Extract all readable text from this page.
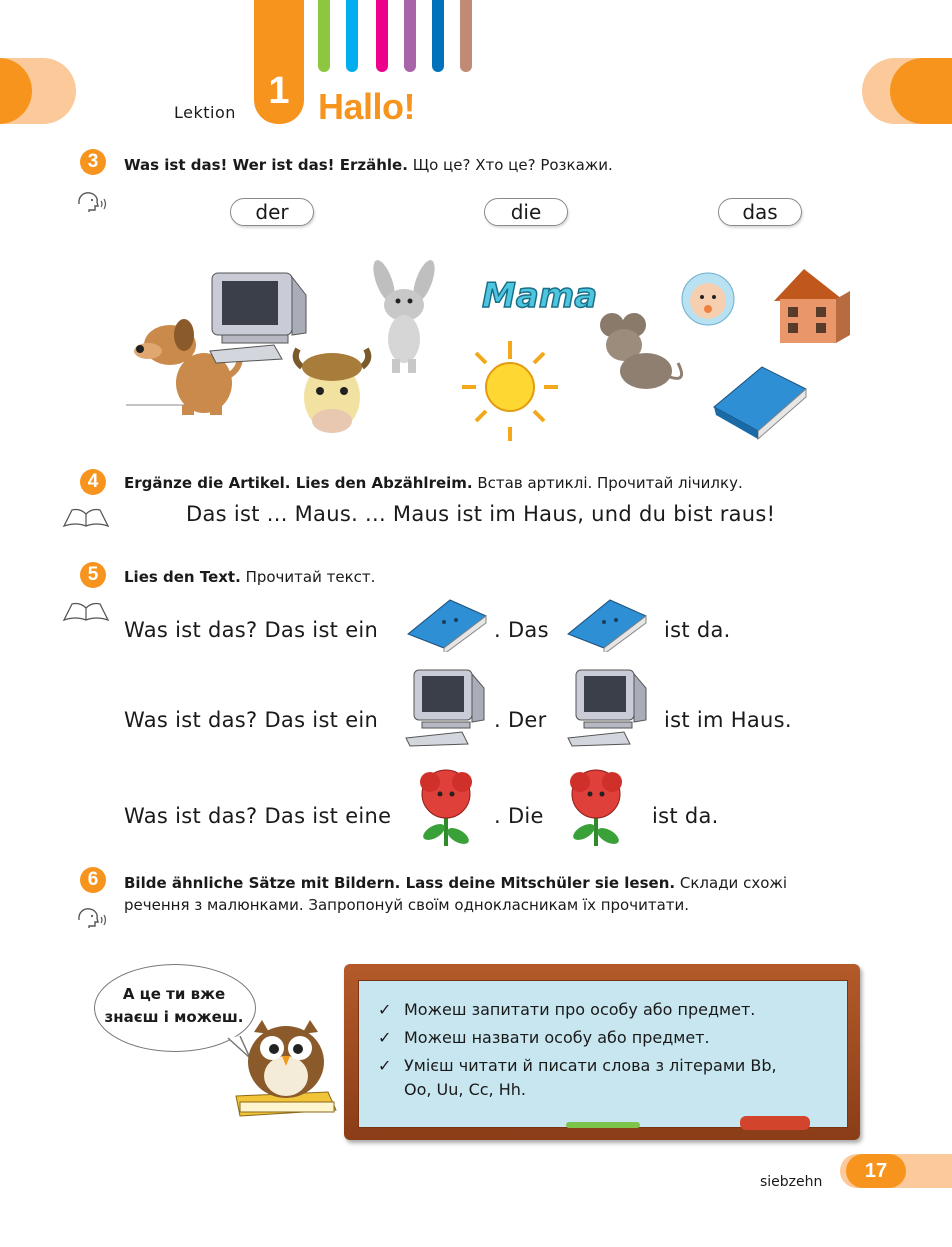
Lektion
1 Hallo!
3	Was ist das! Wer ist das! Erzähle. Що це? Хто це? Розкажи.
der	die	das
Mama
4	Ergänze die Artikel. Lies den Abzählreim. Встав артиклі. Прочитай лічилку.
Das ist ... Maus. ... Maus ist im Haus, und du bist raus!
5	Lies den Text. Прочитай текст.
Was ist das? Das ist ein	. Das	ist da.
Was ist das? Das ist ein	. Der	ist im Haus.
Was ist das? Das ist eine	. Die	ist da.
6	Bilde ähnliche Sätze mit Bildern. Lass deine Mitschüler sie lesen. Склади схожі
речення з малюнками. Запропонуй своїм однокласникам їх прочитати.
А це ти вже
знаєш і можеш.	✓ Можеш запитати про особу або предмет.
✓ Можеш назвати особу або предмет.
✓ Умієш читати й писати слова з літерами Bb,
Oo, Uu, Cc, Hh.
siebzehn	17
